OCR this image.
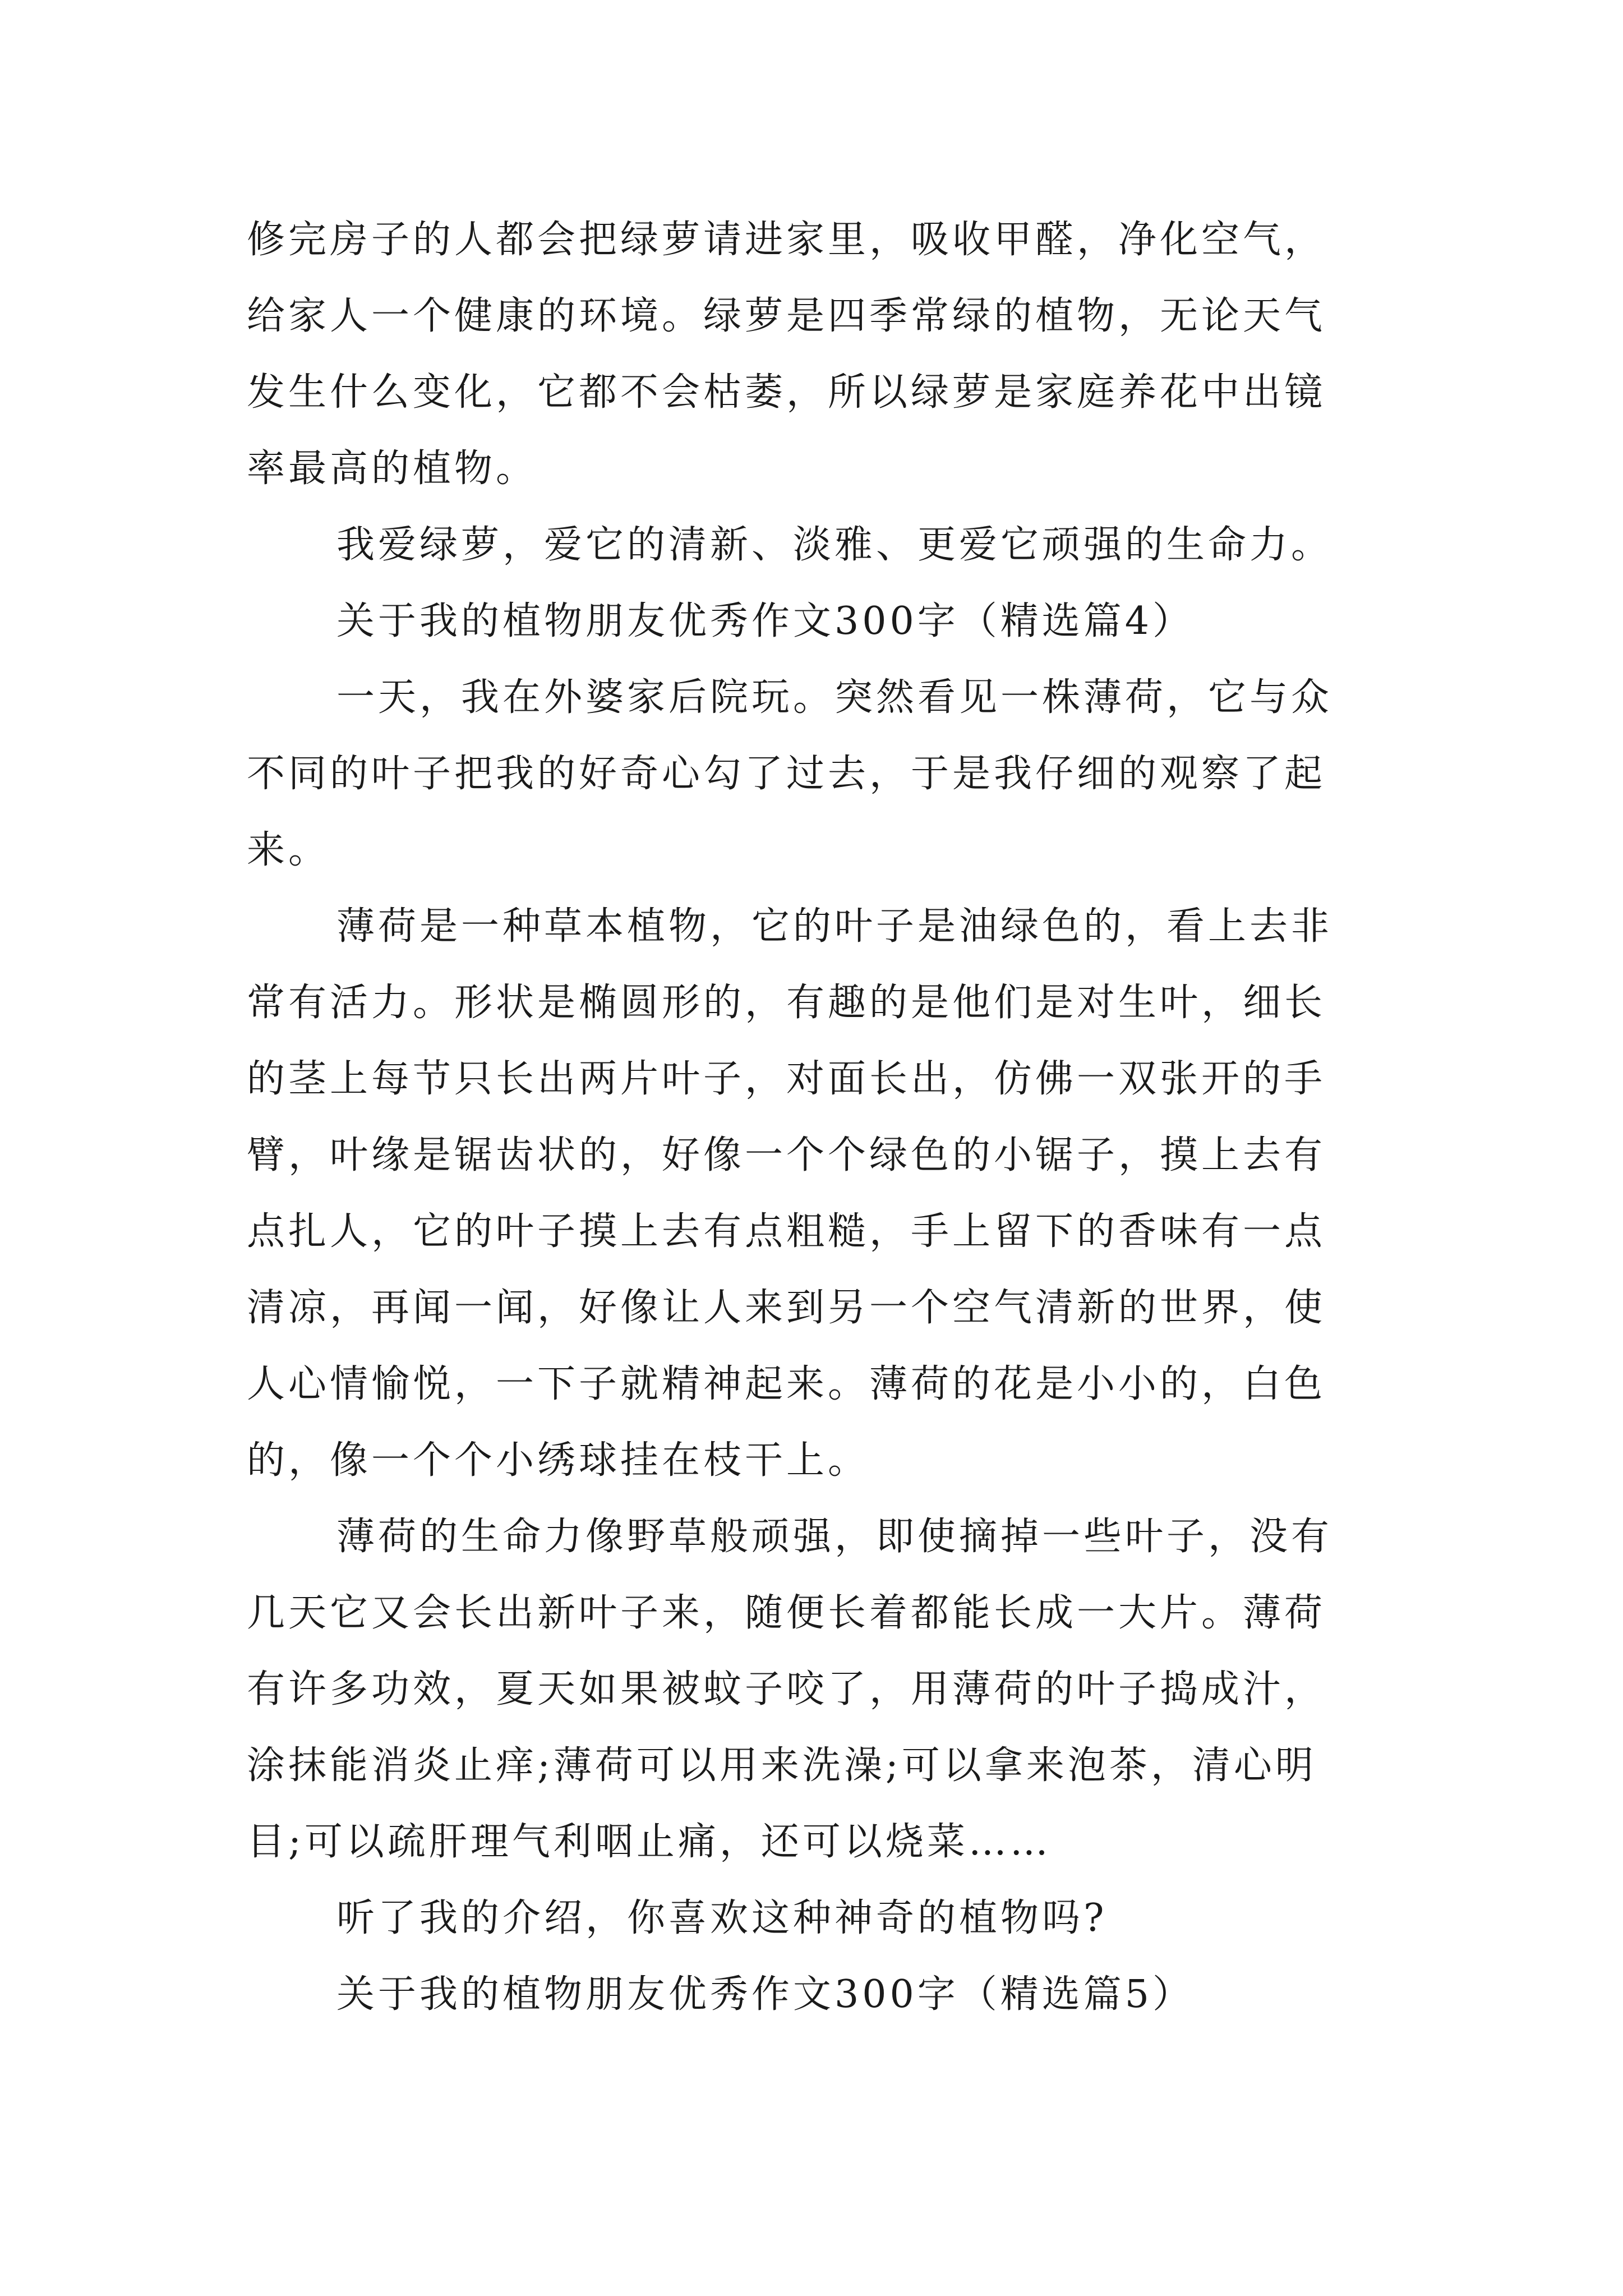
修完房子的人都会把绿萝请进家里，吸收甲醛，净化空气，
给家人一个健康的环境。绿萝是四季常绿的植物，无论天气
发生什么变化，它都不会枯萎，所以绿萝是家庭养花中出镜
率最高的植物。
我爱绿萝，爱它的清新、淡雅、更爱它顽强的生命力。
关于我的植物朋友优秀作文300字（精选篇4）
一天，我在外婆家后院玩。突然看见一株薄荷，它与众
不同的叶子把我的好奇心勾了过去，于是我仔细的观察了起
来。
薄荷是一种草本植物，它的叶子是油绿色的，看上去非
常有活力。形状是椭圆形的，有趣的是他们是对生叶，细长
的茎上每节只长出两片叶子，对面长出，仿佛一双张开的手
臂，叶缘是锯齿状的，好像一个个绿色的小锯子，摸上去有
点扎人，它的叶子摸上去有点粗糙，手上留下的香味有一点
清凉，再闻一闻，好像让人来到另一个空气清新的世界，使
人心情愉悦，一下子就精神起来。薄荷的花是小小的，白色
的，像一个个小绣球挂在枝干上。
薄荷的生命力像野草般顽强，即使摘掉一些叶子，没有
几天它又会长出新叶子来，随便长着都能长成一大片。薄荷
有许多功效，夏天如果被蚊子咬了，用薄荷的叶子捣成汁，
涂抹能消炎止痒;薄荷可以用来洗澡;可以拿来泡茶，清心明
目;可以疏肝理气利咽止痛，还可以烧菜……
听了我的介绍，你喜欢这种神奇的植物吗?
关于我的植物朋友优秀作文300字（精选篇5）
